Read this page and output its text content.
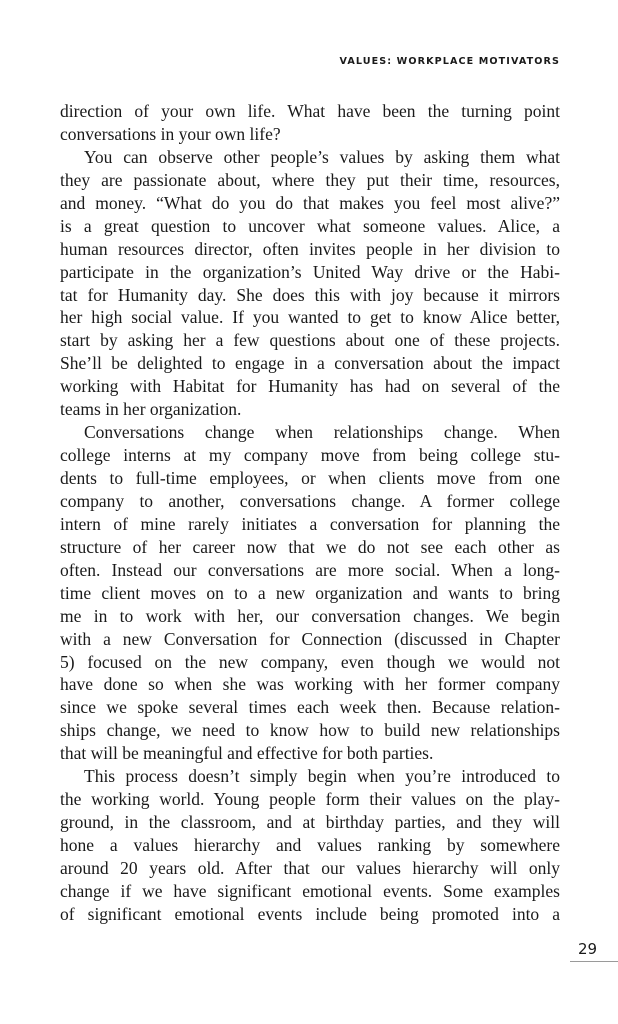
VALUES: WORKPLACE MOTIVATORS
direction of your own life. What have been the turning point
conversations in your own life?
You can observe other people’s values by asking them what
they are passionate about, where they put their time, resources,
and money. “What do you do that makes you feel most alive?”
is a great question to uncover what someone values. Alice, a
human resources director, often invites people in her division to
participate in the organization’s United Way drive or the Habi-
tat for Humanity day. She does this with joy because it mirrors
her high social value. If you wanted to get to know Alice better,
start by asking her a few questions about one of these projects.
She’ll be delighted to engage in a conversation about the impact
working with Habitat for Humanity has had on several of the
teams in her organization.
Conversations change when relationships change. When
college interns at my company move from being college stu-
dents to full-time employees, or when clients move from one
company to another, conversations change. A former college
intern of mine rarely initiates a conversation for planning the
structure of her career now that we do not see each other as
often. Instead our conversations are more social. When a long-
time client moves on to a new organization and wants to bring
me in to work with her, our conversation changes. We begin
with a new Conversation for Connection (discussed in Chapter
5) focused on the new company, even though we would not
have done so when she was working with her former company
since we spoke several times each week then. Because relation-
ships change, we need to know how to build new relationships
that will be meaningful and effective for both parties.
This process doesn’t simply begin when you’re introduced to
the working world. Young people form their values on the play-
ground, in the classroom, and at birthday parties, and they will
hone a values hierarchy and values ranking by somewhere
around 20 years old. After that our values hierarchy will only
change if we have significant emotional events. Some examples
of significant emotional events include being promoted into a
29
